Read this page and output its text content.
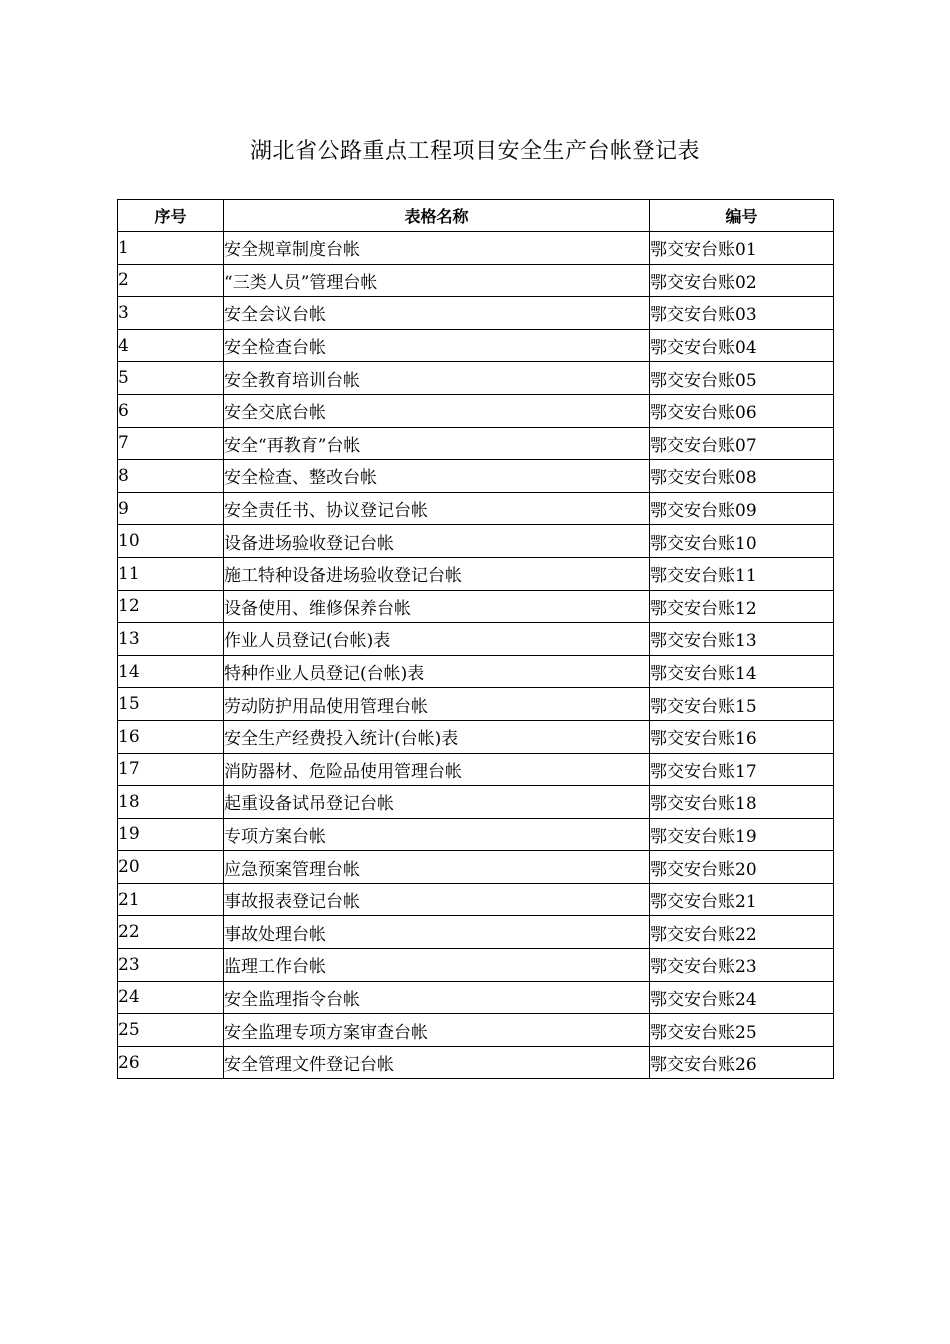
湖北省公路重点工程项目安全生产台帐登记表
序号	表格名称	编号
1	安全规章制度台帐	鄂交安台账01
2	“三类人员”管理台帐	鄂交安台账02
3	安全会议台帐	鄂交安台账03
4	安全检查台帐	鄂交安台账04
5	安全教育培训台帐	鄂交安台账05
6	安全交底台帐	鄂交安台账06
7	安全“再教育”台帐	鄂交安台账07
8	安全检查、整改台帐	鄂交安台账08
9	安全责任书、协议登记台帐	鄂交安台账09
10	设备进场验收登记台帐	鄂交安台账10
11	施工特种设备进场验收登记台帐	鄂交安台账11
12	设备使用、维修保养台帐	鄂交安台账12
13	作业人员登记(台帐)表	鄂交安台账13
14	特种作业人员登记(台帐)表	鄂交安台账14
15	劳动防护用品使用管理台帐	鄂交安台账15
16	安全生产经费投入统计(台帐)表	鄂交安台账16
17	消防器材、危险品使用管理台帐	鄂交安台账17
18	起重设备试吊登记台帐	鄂交安台账18
19	专项方案台帐	鄂交安台账19
20	应急预案管理台帐	鄂交安台账20
21	事故报表登记台帐	鄂交安台账21
22	事故处理台帐	鄂交安台账22
23	监理工作台帐	鄂交安台账23
24	安全监理指令台帐	鄂交安台账24
25	安全监理专项方案审查台帐	鄂交安台账25
26	安全管理文件登记台帐	鄂交安台账26
